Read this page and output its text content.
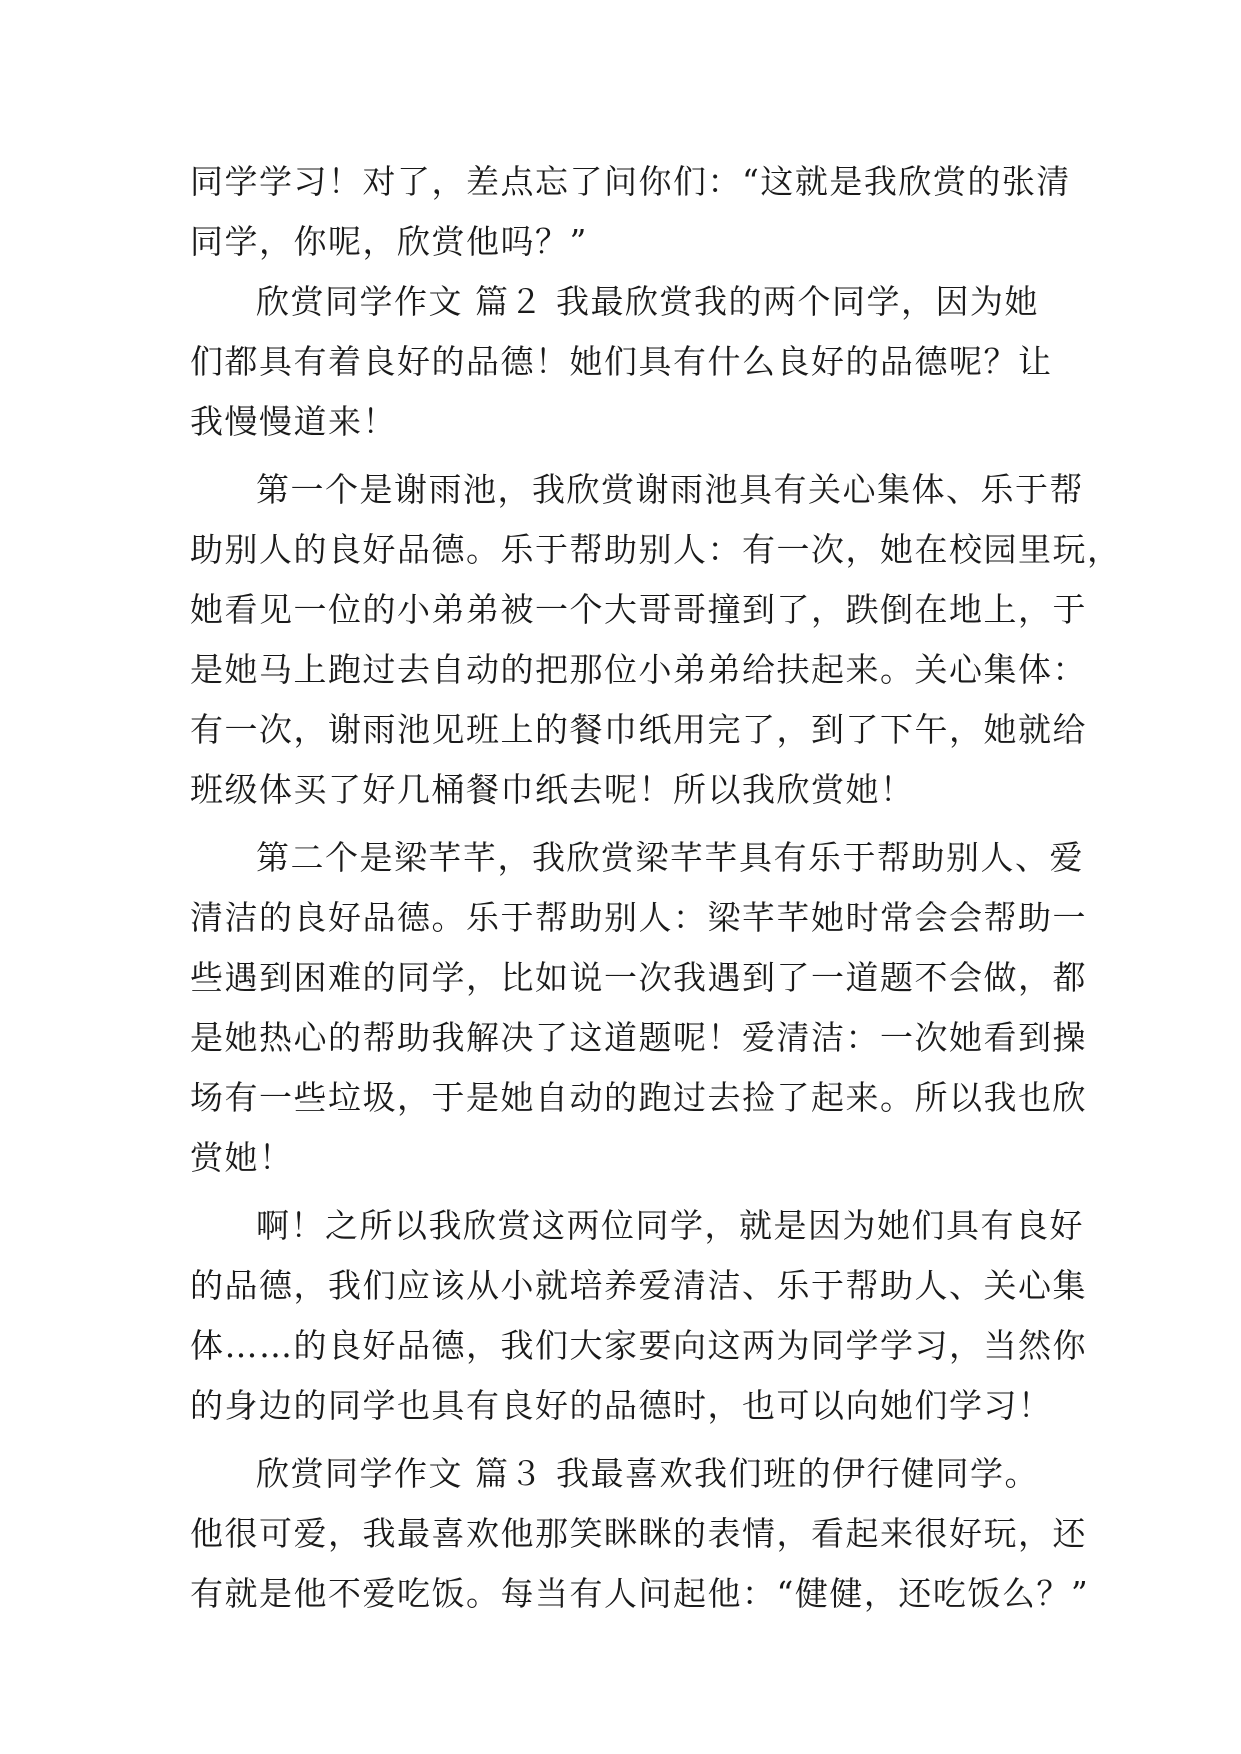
同学学习！对了，差点忘了问你们：“这就是我欣赏的张清
同学，你呢，欣赏他吗？”
欣赏同学作文 篇２ 我最欣赏我的两个同学，因为她
们都具有着良好的品德！她们具有什么良好的品德呢？让
我慢慢道来！
第一个是谢雨池，我欣赏谢雨池具有关心集体、乐于帮
助别人的良好品德。乐于帮助别人：有一次，她在校园里玩，
她看见一位的小弟弟被一个大哥哥撞到了，跌倒在地上，于
是她马上跑过去自动的把那位小弟弟给扶起来。关心集体：
有一次，谢雨池见班上的餐巾纸用完了，到了下午，她就给
班级体买了好几桶餐巾纸去呢！所以我欣赏她！
第二个是梁芊芊，我欣赏梁芊芊具有乐于帮助别人、爱
清洁的良好品德。乐于帮助别人：梁芊芊她时常会会帮助一
些遇到困难的同学，比如说一次我遇到了一道题不会做，都
是她热心的帮助我解决了这道题呢！爱清洁：一次她看到操
场有一些垃圾，于是她自动的跑过去捡了起来。所以我也欣
赏她！
啊！之所以我欣赏这两位同学，就是因为她们具有良好
的品德，我们应该从小就培养爱清洁、乐于帮助人、关心集
体……的良好品德，我们大家要向这两为同学学习，当然你
的身边的同学也具有良好的品德时，也可以向她们学习！
欣赏同学作文 篇３ 我最喜欢我们班的伊行健同学。
他很可爱，我最喜欢他那笑眯眯的表情，看起来很好玩，还
有就是他不爱吃饭。每当有人问起他：“健健，还吃饭么？”
